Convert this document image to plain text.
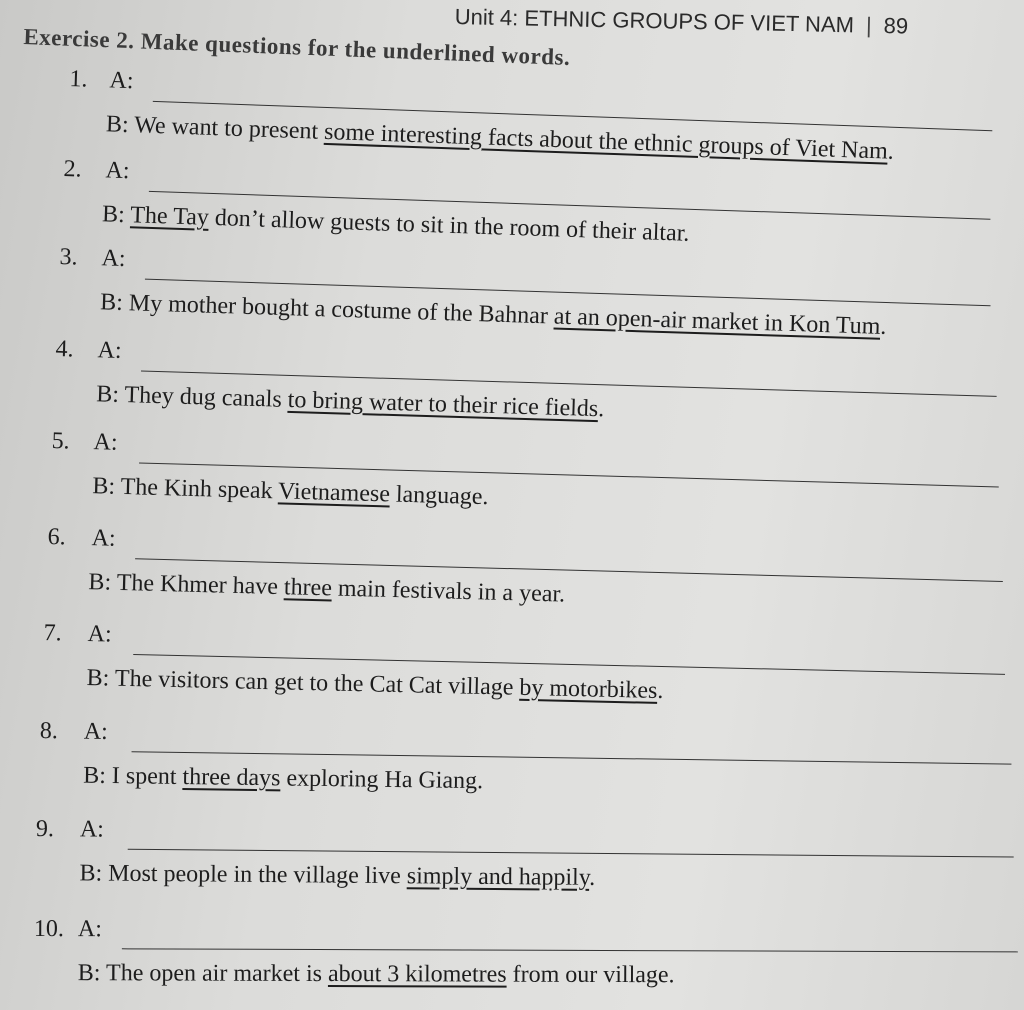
Unit 4: ETHNIC GROUPS OF VIET NAM | 89
Exercise 2. Make questions for the underlined words.
1. A:
B: We want to present some interesting facts about the ethnic groups of Viet Nam.
2. A:
B: The Tay don’t allow guests to sit in the room of their altar.
3. A:
B: My mother bought a costume of the Bahnar at an open-air market in Kon Tum.
4. A:
B: They dug canals to bring water to their rice fields.
5. A:
B: The Kinh speak Vietnamese language.
6. A:
B: The Khmer have three main festivals in a year.
7. A:
B: The visitors can get to the Cat Cat village by motorbikes.
8. A:
B: I spent three days exploring Ha Giang.
9. A:
B: Most people in the village live simply and happily.
10. A:
B: The open air market is about 3 kilometres from our village.
